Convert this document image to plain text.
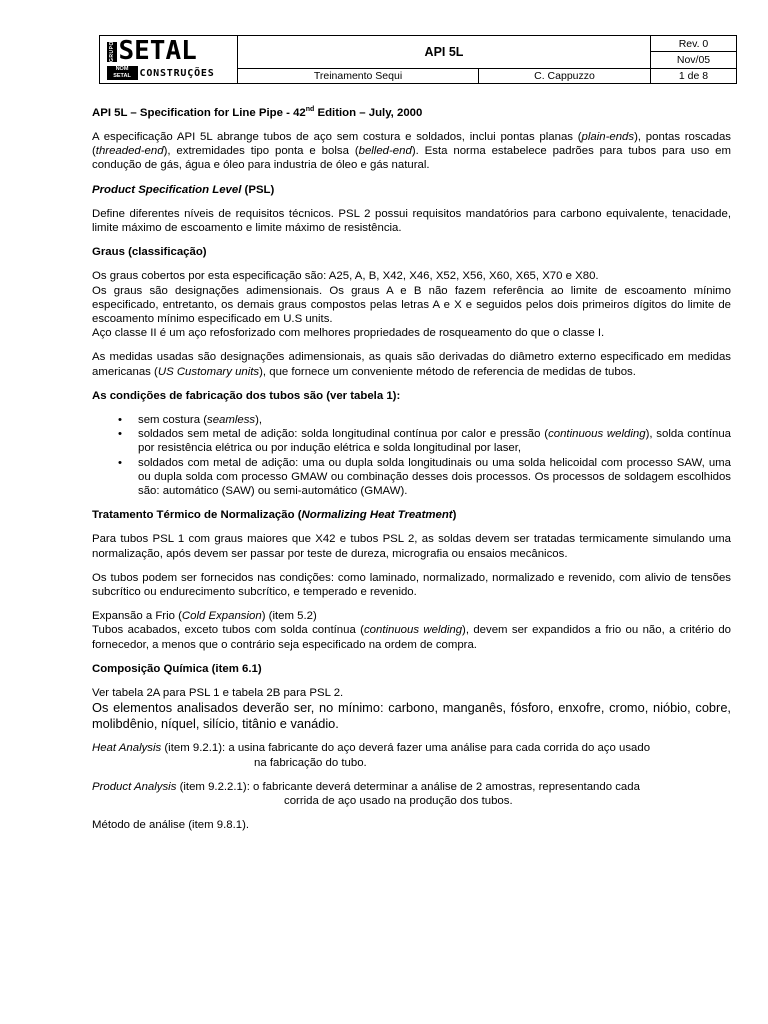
GRUPO SETAL
NOM
SETAL CONSTRUÇÕES
API 5L
Rev. 0
Nov/05
Treinamento Sequi	C. Cappuzzo	1 de 8

API 5L – Specification for Line Pipe - 42nd Edition – July, 2000

A especificação API 5L abrange tubos de aço sem costura e soldados, inclui pontas planas (plain-ends), pontas roscadas (threaded-end), extremidades tipo ponta e bolsa (belled-end). Esta norma estabelece padrões para tubos para uso em condução de gás, água e óleo para industria de óleo e gás natural.

Product Specification Level (PSL)

Define diferentes níveis de requisitos técnicos. PSL 2 possui requisitos mandatórios para carbono equivalente, tenacidade, limite máximo de escoamento e limite máximo de resistência.

Graus (classificação)

Os graus cobertos por esta especificação são: A25, A, B, X42, X46, X52, X56, X60, X65, X70 e X80.

Os graus são designações adimensionais. Os graus A e B não fazem referência ao limite de escoamento mínimo especificado, entretanto, os demais graus compostos pelas letras A e X e seguidos pelos dois primeiros dígitos do limite de escoamento mínimo especificado em U.S units.

Aço classe II é um aço refosforizado com melhores propriedades de rosqueamento do que o classe I.

As medidas usadas são designações adimensionais, as quais são derivadas do diâmetro externo especificado em medidas americanas (US Customary units), que fornece um conveniente método de referencia de medidas de tubos.

As condições de fabricação dos tubos são (ver tabela 1):

• sem costura (seamless),
• soldados sem metal de adição: solda longitudinal contínua por calor e pressão (continuous welding), solda contínua por resistência elétrica ou por indução elétrica e solda longitudinal por laser,
• soldados com metal de adição: uma ou dupla solda longitudinais ou uma solda helicoidal com processo SAW, uma ou dupla solda com processo GMAW ou combinação desses dois processos. Os processos de soldagem escolhidos são: automático (SAW) ou semi-automático (GMAW).

Tratamento Térmico de Normalização (Normalizing Heat Treatment)

Para tubos PSL 1 com graus maiores que X42 e tubos PSL 2, as soldas devem ser tratadas termicamente simulando uma normalização, após devem ser passar por teste de dureza, micrografia ou ensaios mecânicos.

Os tubos podem ser fornecidos nas condições: como laminado, normalizado, normalizado e revenido, com alivio de tensões subcrítico ou endurecimento subcrítico, e temperado e revenido.

Expansão a Frio (Cold Expansion) (item 5.2)

Tubos acabados, exceto tubos com solda contínua (continuous welding), devem ser expandidos a frio ou não, a critério do fornecedor, a menos que o contrário seja especificado na ordem de compra.

Composição Química (item 6.1)

Ver tabela 2A para PSL 1 e tabela 2B para PSL 2.

Os elementos analisados deverão ser, no mínimo: carbono, manganês, fósforo, enxofre, cromo, nióbio, cobre, molibdênio, níquel, silício, titânio e vanádio.

Heat Analysis (item 9.2.1): a usina fabricante do aço deverá fazer uma análise para cada corrida do aço usado

na fabricação do tubo.

Product Analysis (item 9.2.2.1): o fabricante deverá determinar a análise de 2 amostras, representando cada

corrida de aço usado na produção dos tubos.

Método de análise (item 9.8.1).
